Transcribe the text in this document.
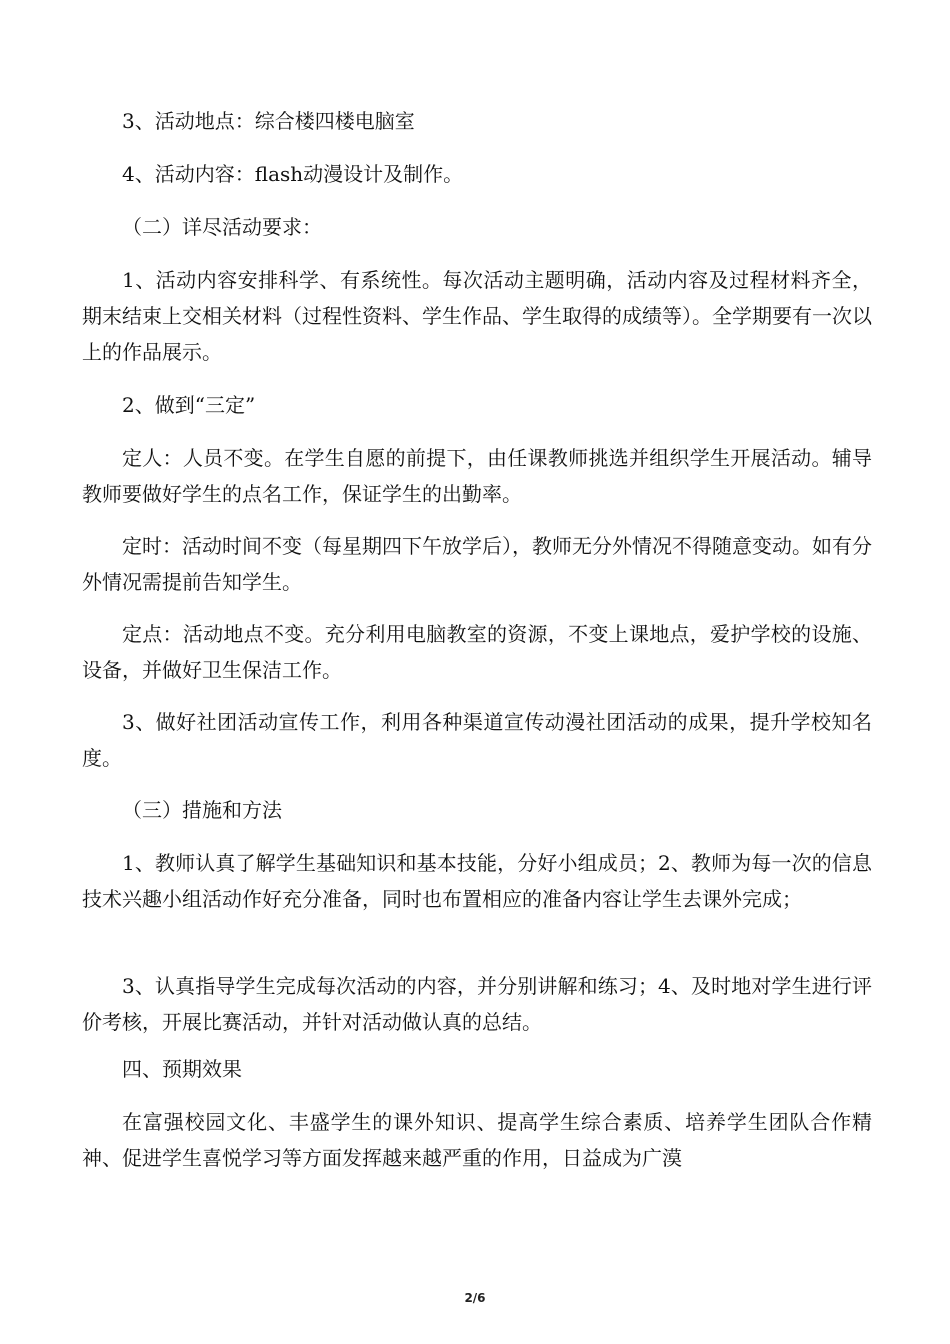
3、活动地点：综合楼四楼电脑室

4、活动内容：flash动漫设计及制作。

（二）详尽活动要求：

1、活动内容安排科学、有系统性。每次活动主题明确，活动内容及过程材料齐全，期末结束上交相关材料（过程性资料、学生作品、学生取得的成绩等）。全学期要有一次以上的作品展示。

2、做到“三定”

定人：人员不变。在学生自愿的前提下，由任课教师挑选并组织学生开展活动。辅导教师要做好学生的点名工作，保证学生的出勤率。

定时：活动时间不变（每星期四下午放学后），教师无分外情况不得随意变动。如有分外情况需提前告知学生。

定点：活动地点不变。充分利用电脑教室的资源，不变上课地点，爱护学校的设施、设备，并做好卫生保洁工作。

3、做好社团活动宣传工作，利用各种渠道宣传动漫社团活动的成果，提升学校知名度。

（三）措施和方法

1、教师认真了解学生基础知识和基本技能，分好小组成员；2、教师为每一次的信息技术兴趣小组活动作好充分准备，同时也布置相应的准备内容让学生去课外完成；

3、认真指导学生完成每次活动的内容，并分别讲解和练习；4、及时地对学生进行评价考核，开展比赛活动，并针对活动做认真的总结。

四、预期效果

在富强校园文化、丰盛学生的课外知识、提高学生综合素质、培养学生团队合作精神、促进学生喜悦学习等方面发挥越来越严重的作用，日益成为广漠

2/6
